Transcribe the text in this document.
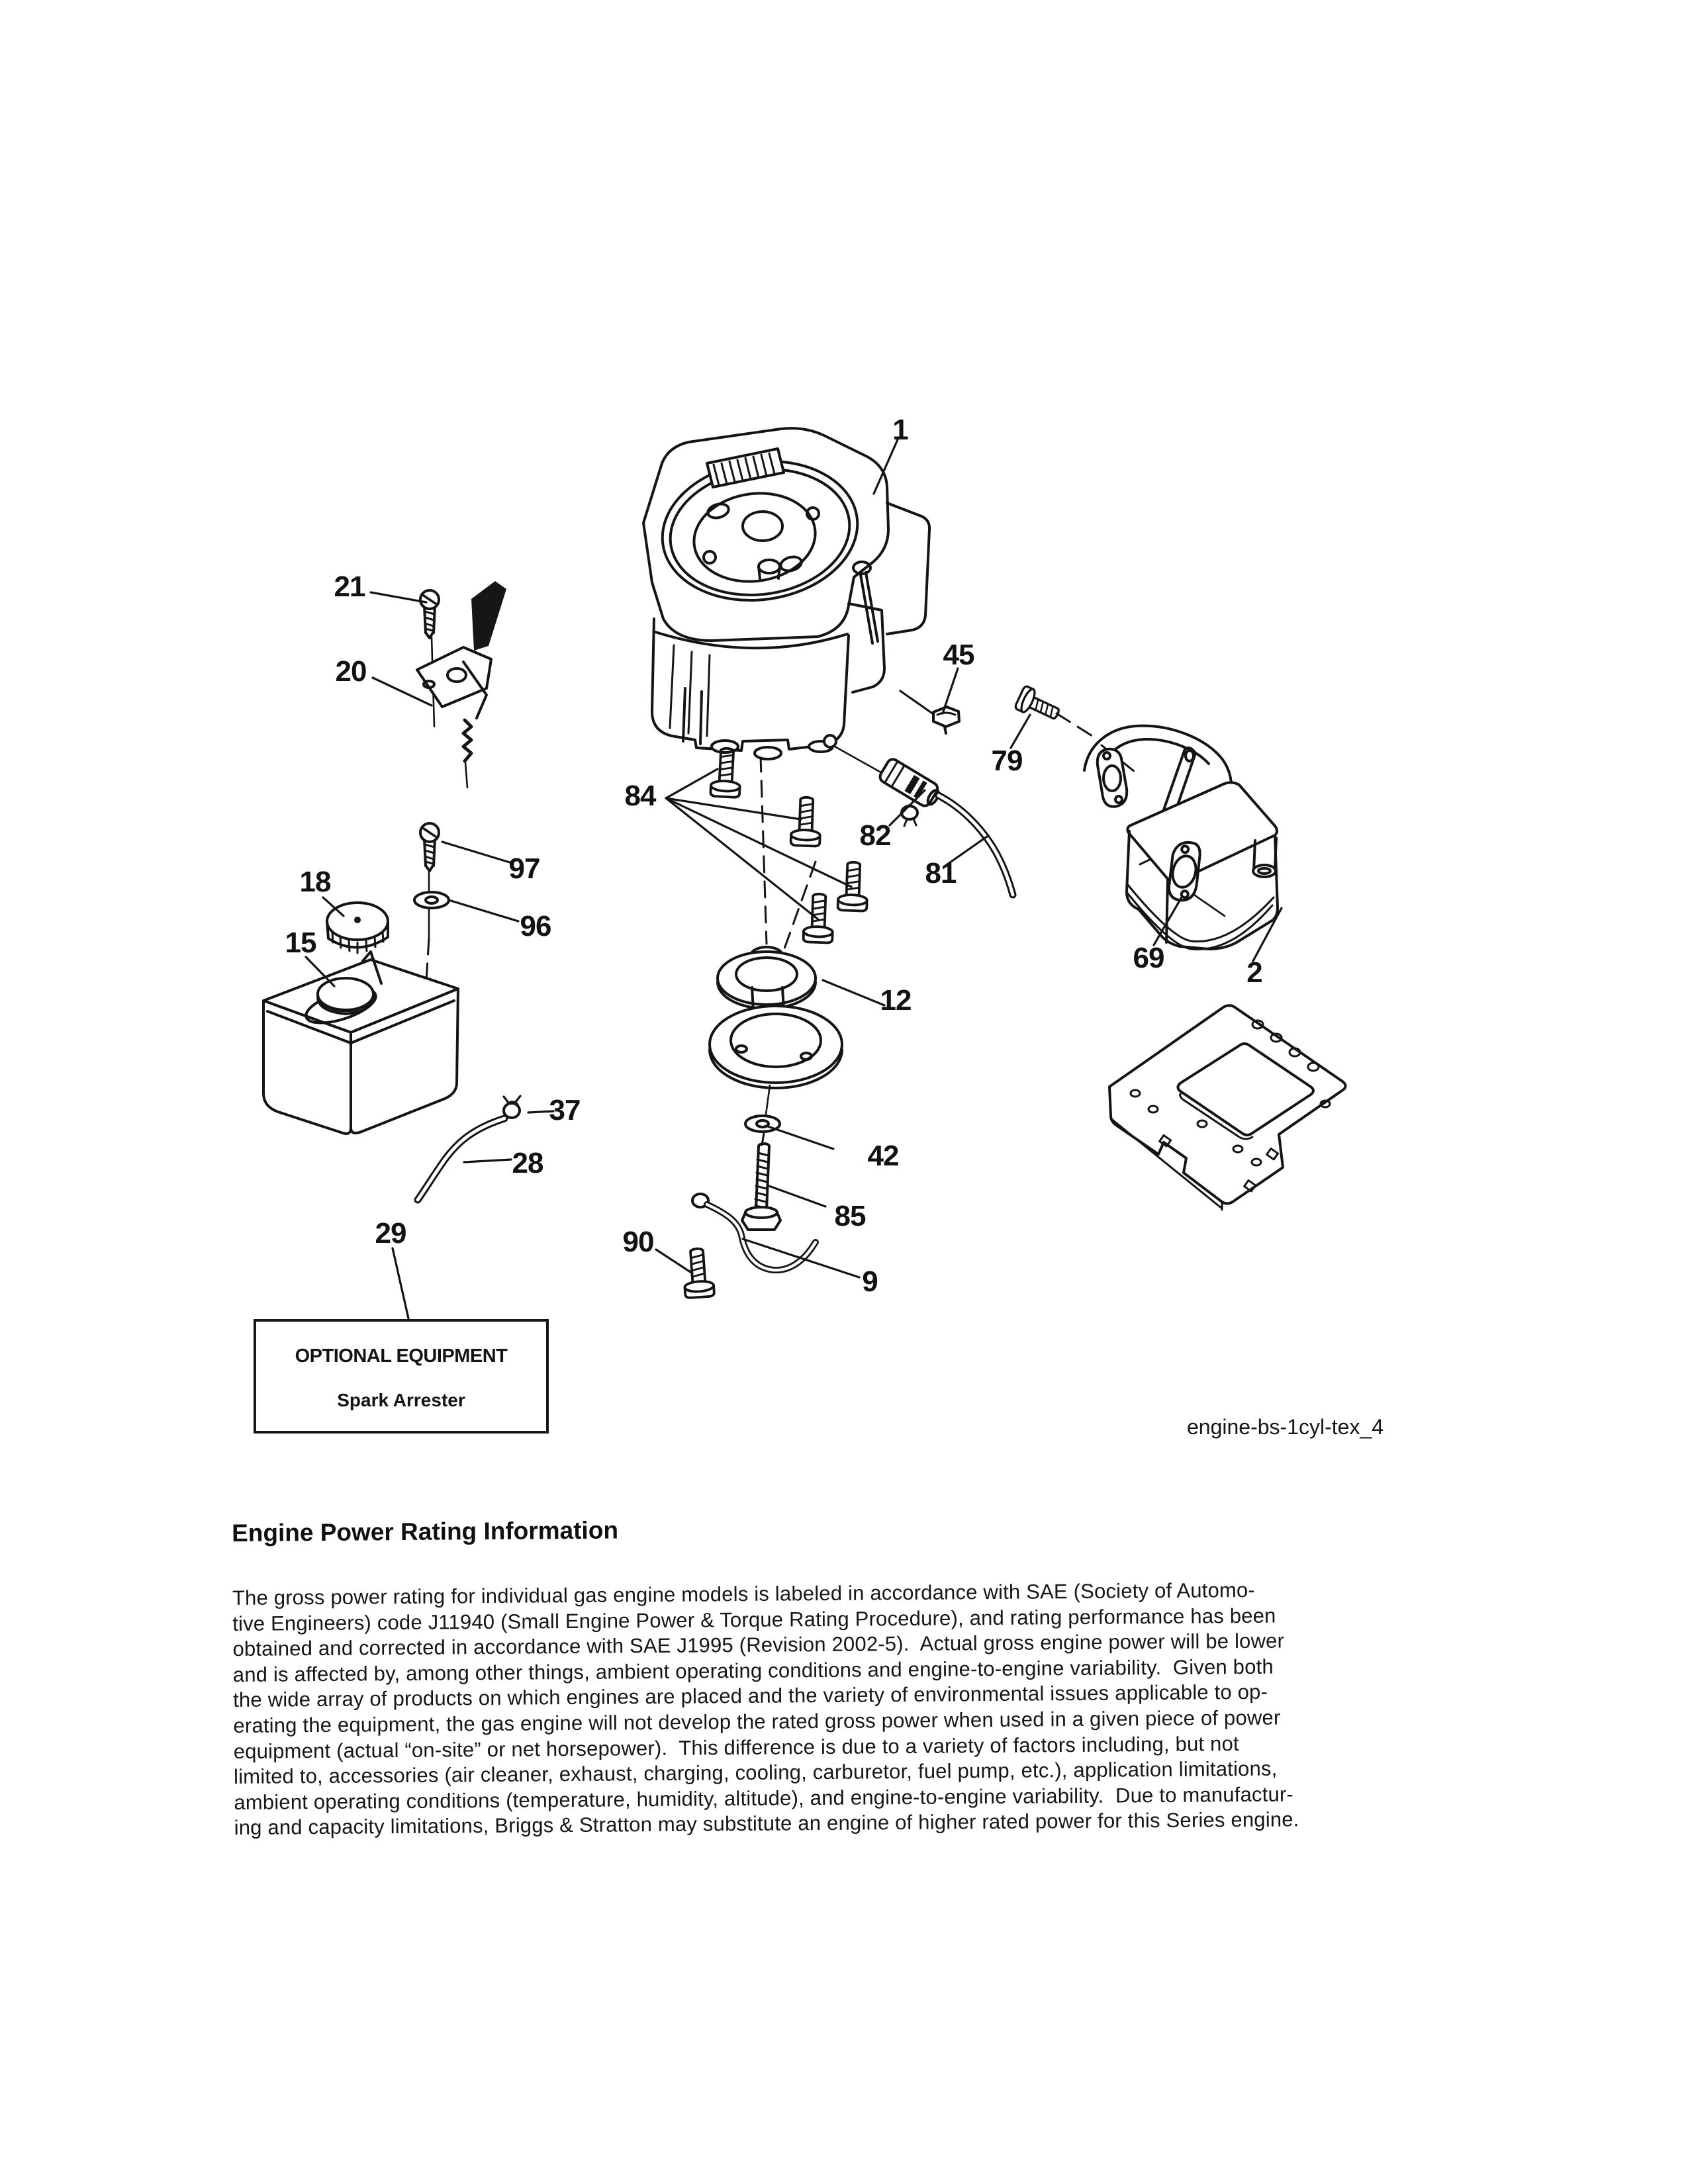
1
21
20
45
79
84
82
81
97
18
96
15	69	2
12
37
28
29
42
85
90
9
OPTIONAL EQUIPMENT
Spark Arrester
engine-bs-1cyl-tex_4
Engine Power Rating Information
The gross power rating for individual gas engine models is labeled in accordance with SAE (Society of Automo-
tive Engineers) code J11940 (Small Engine Power & Torque Rating Procedure), and rating performance has been
obtained and corrected in accordance with SAE J1995 (Revision 2002-5).  Actual gross engine power will be lower
and is affected by, among other things, ambient operating conditions and engine-to-engine variability.  Given both
the wide array of products on which engines are placed and the variety of environmental issues applicable to op-
erating the equipment, the gas engine will not develop the rated gross power when used in a given piece of power
equipment (actual “on-site” or net horsepower).  This difference is due to a variety of factors including, but not
limited to, accessories (air cleaner, exhaust, charging, cooling, carburetor, fuel pump, etc.), application limitations,
ambient operating conditions (temperature, humidity, altitude), and engine-to-engine variability.  Due to manufactur-
ing and capacity limitations, Briggs & Stratton may substitute an engine of higher rated power for this Series engine.
